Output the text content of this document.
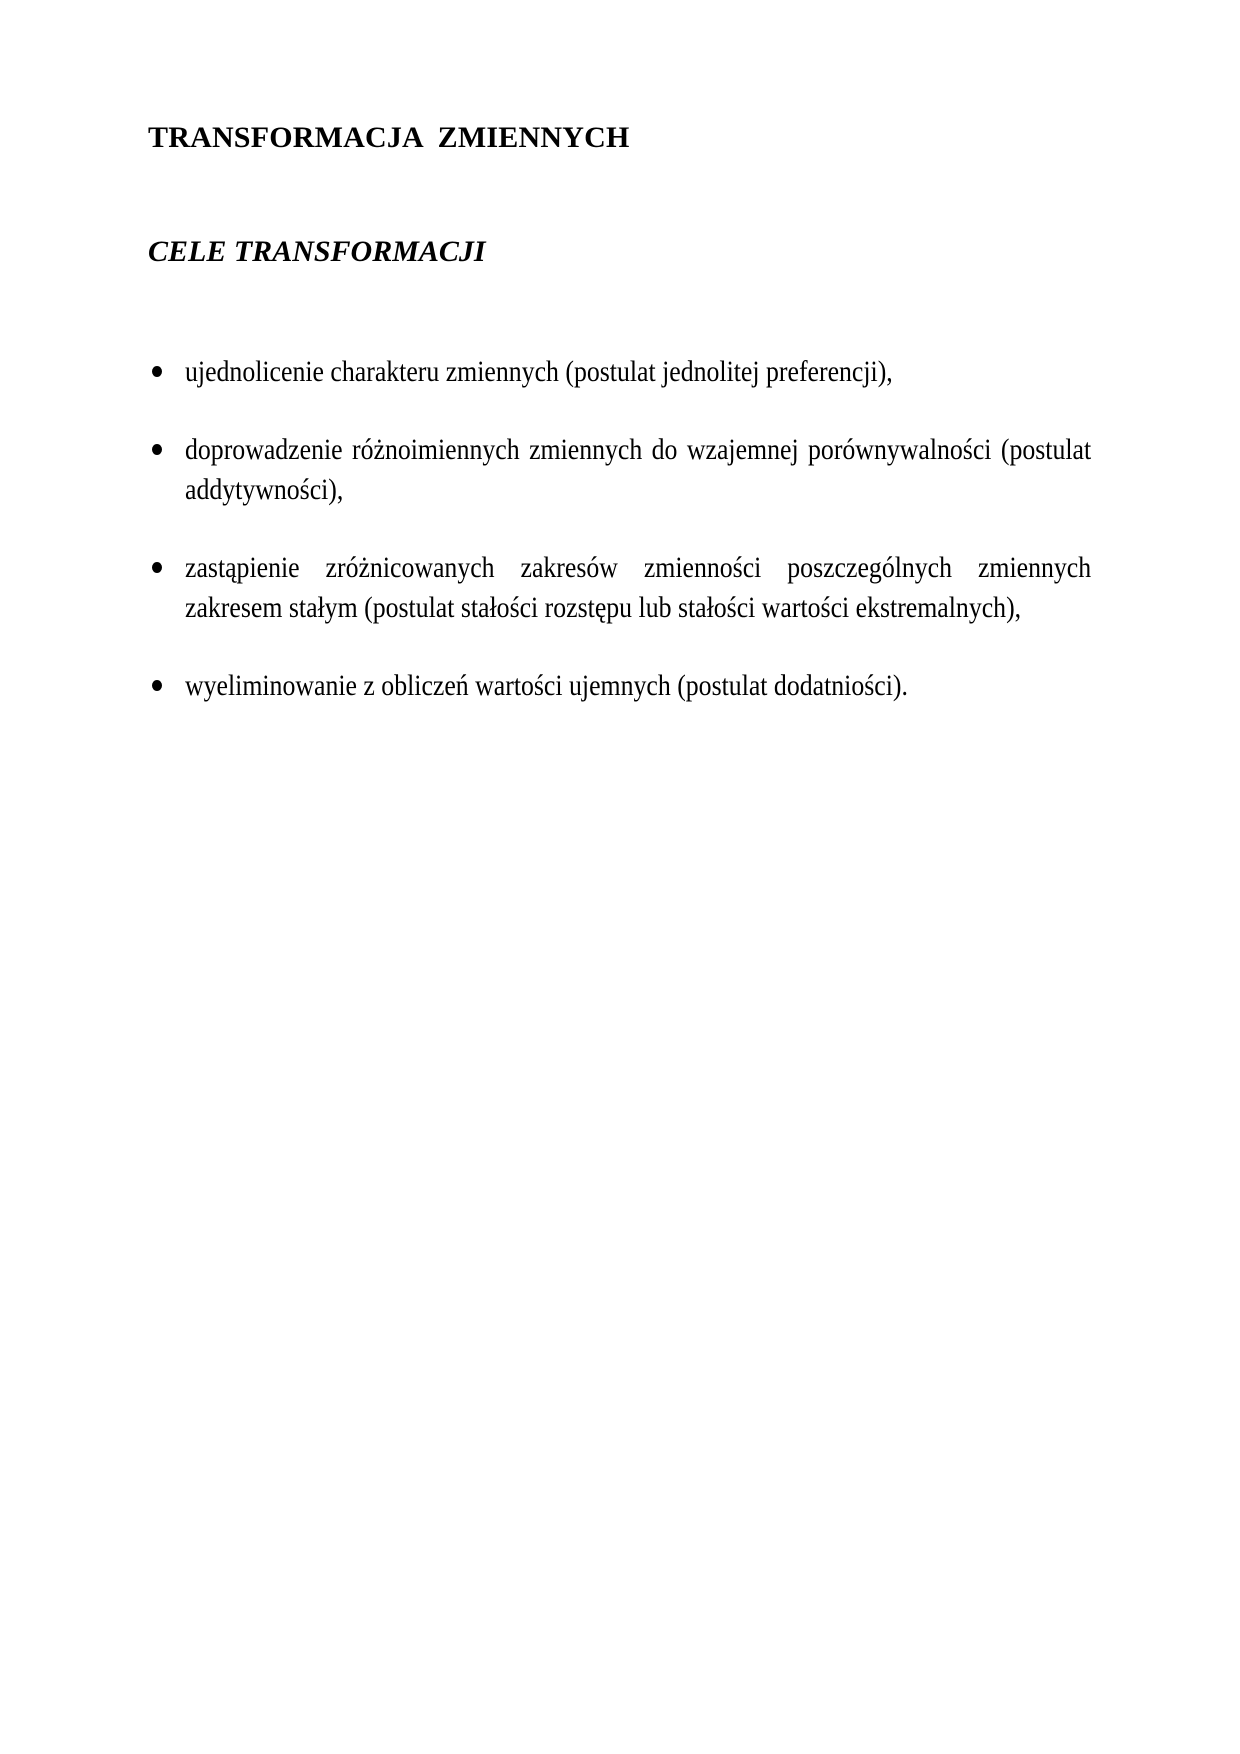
TRANSFORMACJA  ZMIENNYCH
CELE TRANSFORMACJI
ujednolicenie charakteru zmiennych (postulat jednolitej preferencji),
doprowadzenie różnoimiennych zmiennych do wzajemnej porównywalności (postulat addytywności),
zastąpienie zróżnicowanych zakresów zmienności poszczególnych zmiennych zakresem stałym (postulat stałości rozstępu lub stałości wartości ekstremalnych),
wyeliminowanie z obliczeń wartości ujemnych (postulat dodatniości).
